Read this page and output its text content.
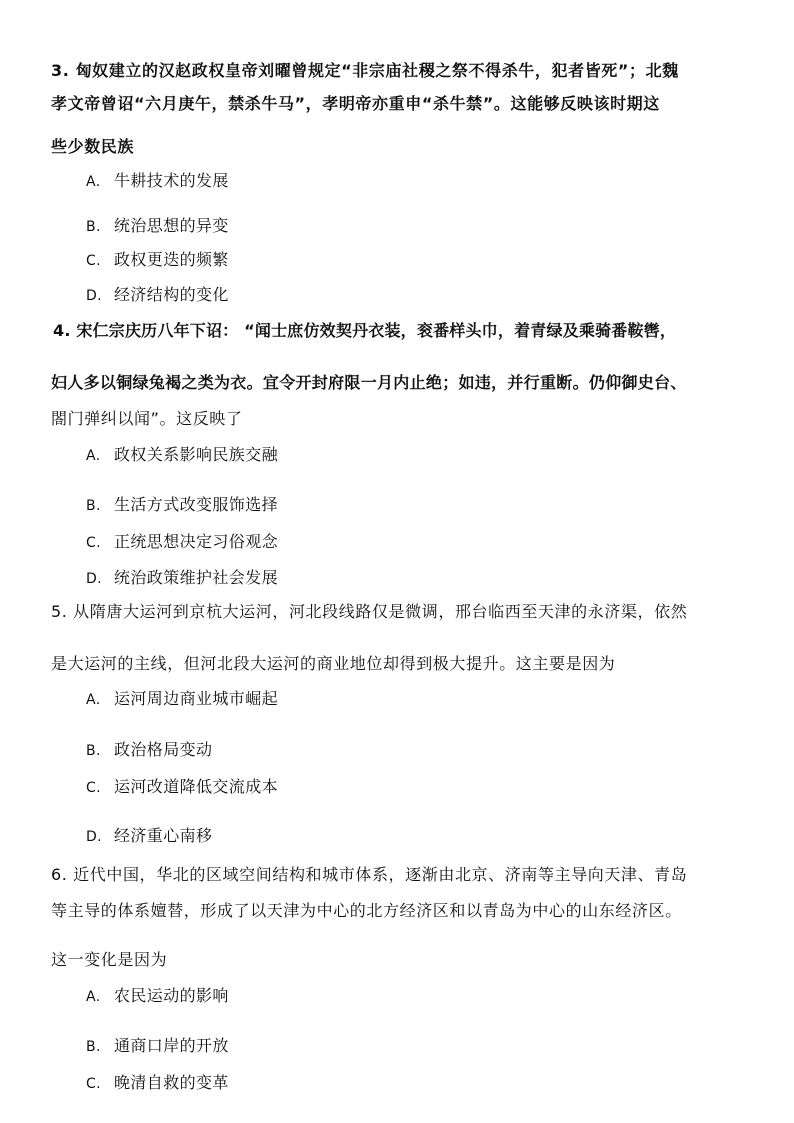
3. 匈奴建立的汉赵政权皇帝刘曜曾规定“非宗庙社稷之祭不得杀牛，犯者皆死”；北魏
孝文帝曾诏“六月庚午，禁杀牛马”，孝明帝亦重申“杀牛禁”。这能够反映该时期这
些少数民族
A. 牛耕技术的发展
B. 统治思想的异变
C. 政权更迭的频繁
D. 经济结构的变化
4. 宋仁宗庆历八年下诏： “闻士庶仿效契丹衣装，衮番样头巾，着青绿及乘骑番鞍辔，
妇人多以铜绿兔褐之类为衣。宜令开封府限一月内止绝；如违，并行重断。仍仰御史台、
閤门弹纠以闻”。这反映了
A. 政权关系影响民族交融
B. 生活方式改变服饰选择
C. 正统思想决定习俗观念
D. 统治政策维护社会发展
5. 从隋唐大运河到京杭大运河，河北段线路仅是微调，邢台临西至天津的永济渠，依然
是大运河的主线，但河北段大运河的商业地位却得到极大提升。这主要是因为
A. 运河周边商业城市崛起
B. 政治格局变动
C. 运河改道降低交流成本
D. 经济重心南移
6. 近代中国，华北的区域空间结构和城市体系，逐渐由北京、济南等主导向天津、青岛
等主导的体系嬗替，形成了以天津为中心的北方经济区和以青岛为中心的山东经济区。
这一变化是因为
A. 农民运动的影响
B. 通商口岸的开放
C. 晚清自救的变革
